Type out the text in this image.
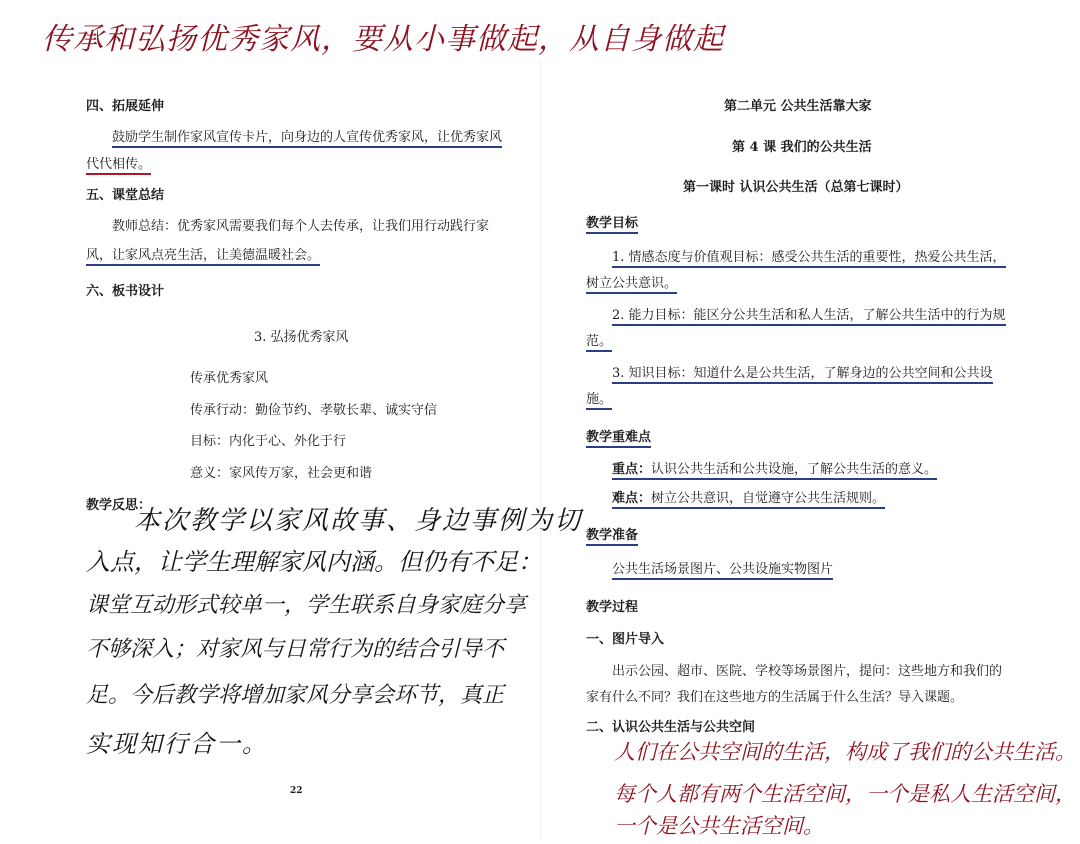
传承和弘扬优秀家风，要从小事做起，从自身做起
四、拓展延伸
鼓励学生制作家风宣传卡片，向身边的人宣传优秀家风，让优秀家风
代代相传。
五、课堂总结
教师总结：优秀家风需要我们每个人去传承，让我们用行动践行家
风，让家风点亮生活，让美德温暖社会。
六、板书设计
3. 弘扬优秀家风
传承优秀家风
传承行动：勤俭节约、孝敬长辈、诚实守信
目标：内化于心、外化于行
意义：家风传万家，社会更和谐
教学反思：
本次教学以家风故事、身边事例为切
入点，让学生理解家风内涵。但仍有不足：
课堂互动形式较单一，学生联系自身家庭分享
不够深入；对家风与日常行为的结合引导不
足。今后教学将增加家风分享会环节，真正
实现知行合一。
22
第二单元 公共生活靠大家
第 4 课 我们的公共生活
第一课时 认识公共生活（总第七课时）
教学目标
1. 情感态度与价值观目标：感受公共生活的重要性，热爱公共生活，
树立公共意识。
2. 能力目标：能区分公共生活和私人生活，了解公共生活中的行为规
范。
3. 知识目标：知道什么是公共生活，了解身边的公共空间和公共设
施。
教学重难点
重点：认识公共生活和公共设施，了解公共生活的意义。
难点：树立公共意识，自觉遵守公共生活规则。
教学准备
公共生活场景图片、公共设施实物图片
教学过程
一、图片导入
出示公园、超市、医院、学校等场景图片，提问：这些地方和我们的
家有什么不同？我们在这些地方的生活属于什么生活？导入课题。
二、认识公共生活与公共空间
人们在公共空间的生活，构成了我们的公共生活。
每个人都有两个生活空间，一个是私人生活空间，
一个是公共生活空间。
